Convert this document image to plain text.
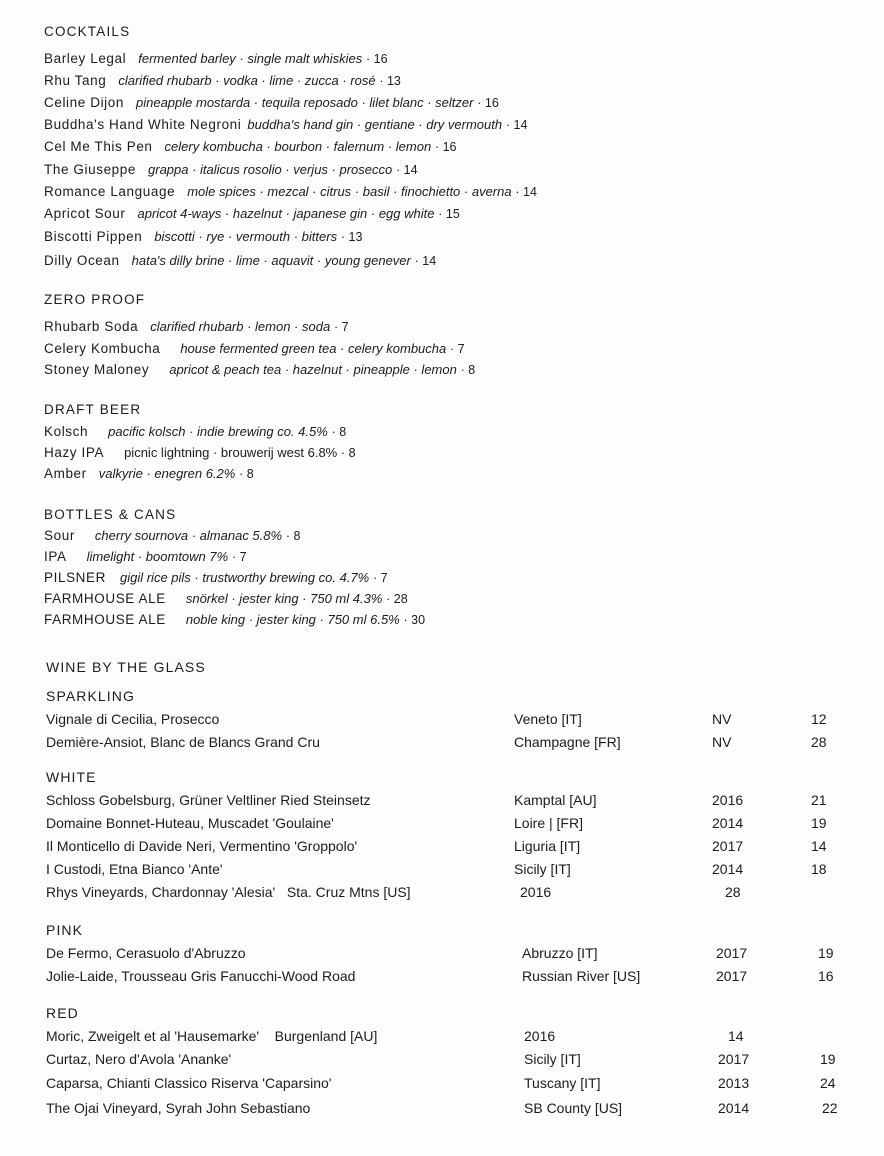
COCKTAILS
Barley Legal fermented barley · single malt whiskies · 16
Rhu Tang clarified rhubarb · vodka · lime · zucca · rosé · 13
Celine Dijon pineapple mostarda · tequila reposado · lilet blanc · seltzer · 16
Buddha's Hand White Negroni buddha's hand gin · gentiane · dry vermouth · 14
Cel Me This Pen celery kombucha · bourbon · falernum · lemon · 16
The Giuseppe grappa · italicus rosolio · verjus · prosecco · 14
Romance Language mole spices · mezcal · citrus · basil · finochietto · averna · 14
Apricot Sour apricot 4-ways · hazelnut · japanese gin · egg white · 15
Biscotti Pippen biscotti · rye · vermouth · bitters · 13
Dilly Ocean hata's dilly brine · lime · aquavit · young genever · 14
ZERO PROOF
Rhubarb Soda clarified rhubarb · lemon · soda · 7
Celery Kombucha house fermented green tea · celery kombucha · 7
Stoney Maloney apricot & peach tea · hazelnut · pineapple · lemon · 8
DRAFT BEER
Kolsch pacific kolsch · indie brewing co. 4.5% · 8
Hazy IPA picnic lightning · brouwerij west 6.8% · 8
Amber valkyrie · enegren 6.2% · 8
BOTTLES & CANS
Sour cherry sournova · almanac 5.8% · 8
IPA limelight · boomtown 7% · 7
PILSNER gigil rice pils · trustworthy brewing co. 4.7% · 7
FARMHOUSE ALE snörkel · jester king · 750 ml 4.3% · 28
FARMHOUSE ALE noble king · jester king · 750 ml 6.5% · 30
WINE BY THE GLASS
SPARKLING
Vignale di Cecilia, Prosecco	Veneto [IT]	NV	12
Demière-Ansiot, Blanc de Blancs Grand Cru	Champagne [FR]	NV	28
WHITE
Schloss Gobelsburg, Grüner Veltliner Ried Steinsetz	Kamptal [AU]	2016	21
Domaine Bonnet-Huteau, Muscadet 'Goulaine'	Loire | [FR]	2014	19
Il Monticello di Davide Neri, Vermentino 'Groppolo'	Liguria [IT]	2017	14
I Custodi, Etna Bianco 'Ante'	Sicily [IT]	2014	18
Rhys Vineyards, Chardonnay 'Alesia'   Sta. Cruz Mtns [US]	2016	28
PINK
De Fermo, Cerasuolo d'Abruzzo	Abruzzo [IT]	2017	19
Jolie-Laide, Trousseau Gris Fanucchi-Wood Road	Russian River [US]	2017	16
RED
Moric, Zweigelt et al 'Hausemarke'    Burgenland [AU]	2016	14
Curtaz, Nero d'Avola 'Ananke'	Sicily [IT]	2017	19
Caparsa, Chianti Classico Riserva 'Caparsino'	Tuscany [IT]	2013	24
The Ojai Vineyard, Syrah John Sebastiano	SB County [US]	2014	22
